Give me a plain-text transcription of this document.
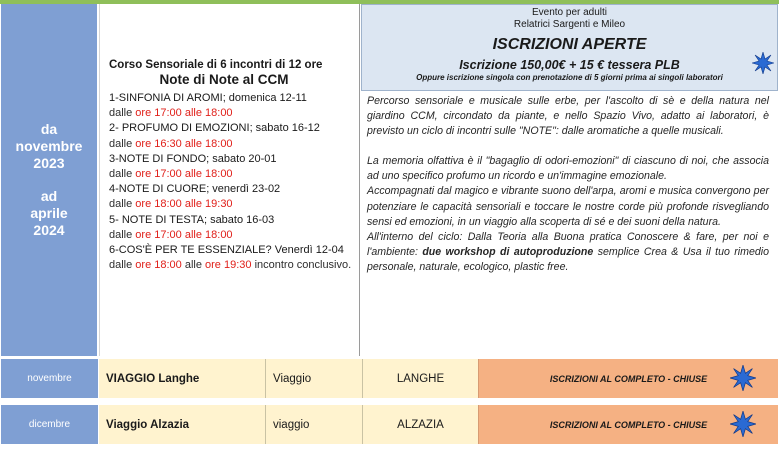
da
novembre
2023
ad
aprile
2024
Corso Sensoriale di 6 incontri di 12 ore
Note di Note al CCM
1-SINFONIA DI AROMI; domenica 12-11
dalle ore 17:00 alle 18:00
2- PROFUMO DI EMOZIONI; sabato 16-12
dalle ore 16:30 alle 18:00
3-NOTE DI FONDO; sabato 20-01
dalle ore 17:00 alle 18:00
4-NOTE DI CUORE; venerdì 23-02
dalle ore 18:00 alle 19:30
5- NOTE DI TESTA; sabato 16-03
dalle ore 17:00 alle 18:00
6-COS'È PER TE ESSENZIALE? Venerdì 12-04
dalle ore 18:00 alle ore 19:30 incontro conclusivo.
Evento per adulti
Relatrici Sargenti e Mileo
ISCRIZIONI APERTE
Iscrizione 150,00€ + 15 € tessera PLB
Oppure iscrizione singola con prenotazione di 5 giorni prima ai singoli laboratori

Percorso sensoriale e musicale sulle erbe, per l'ascolto di sè e della natura nel giardino CCM, circondato da piante, e nello Spazio Vivo, adatto ai laboratori, è previsto un ciclo di incontri sulle "NOTE": dalle aromatiche a quelle musicali.

La memoria olfattiva è il "bagaglio di odori-emozioni" di ciascuno di noi, che associa ad uno specifico profumo un ricordo e un'immagine emozionale.

Accompagnati dal magico e vibrante suono dell'arpa, aromi e musica convergono per potenziare le capacità sensoriali e toccare le nostre corde più profonde risvegliando sensi ed emozioni, in un viaggio alla scoperta di sé e dei suoni della natura.

All'interno del ciclo: Dalla Teoria alla Buona pratica Conoscere & fare, per noi e l'ambiente: due workshop di autoproduzione semplice Crea & Usa il tuo rimedio personale, naturale, ecologico, plastic free.

novembre	VIAGGIO Langhe	Viaggio	LANGHE	ISCRIZIONI AL COMPLETO - CHIUSE
dicembre	Viaggio Alzazia	viaggio	ALZAZIA	ISCRIZIONI AL COMPLETO - CHIUSE
